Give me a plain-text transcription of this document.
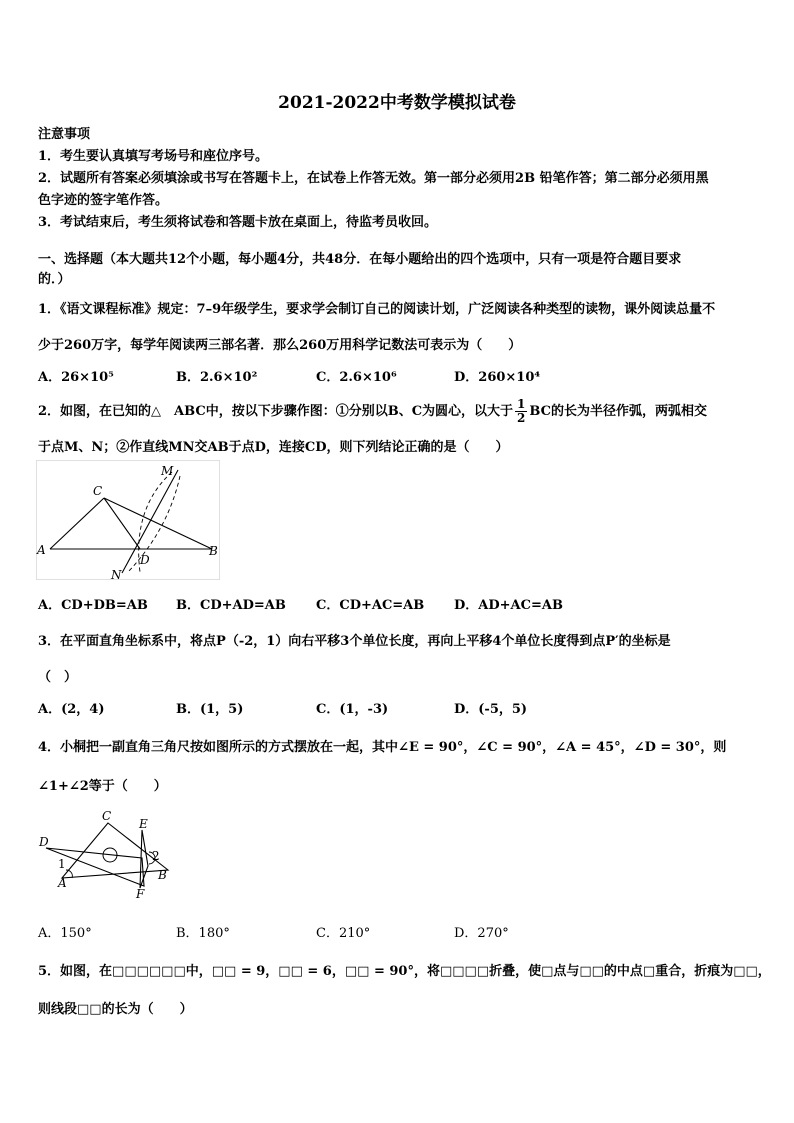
2021-2022中考数学模拟试卷
注意事项
1．考生要认真填写考场号和座位序号。
2．试题所有答案必须填涂或书写在答题卡上，在试卷上作答无效。第一部分必须用2B 铅笔作答；第二部分必须用黑
色字迹的签字笔作答。
3．考试结束后，考生须将试卷和答题卡放在桌面上，待监考员收回。
一、选择题（本大题共12个小题，每小题4分，共48分．在每小题给出的四个选项中，只有一项是符合题目要求
的．）
1．《语文课程标准》规定：7–9年级学生，要求学会制订自己的阅读计划，广泛阅读各种类型的读物，课外阅读总量不
少于260万字，每学年阅读两三部名著．那么260万用科学记数法可表示为（　　）
A．26×10⁵	B．2.6×10²	C．2.6×10⁶	D．260×10⁴
2．如图，在已知的△　ABC中，按以下步骤作图：①分别以B、C为圆心，以大于 $\frac{1}{2}$ BC的长为半径作弧，两弧相交
于点M、N；②作直线MN交AB于点D，连接CD，则下列结论正确的是（　　）
A	B
C
D
M
N
A．CD+DB=AB B．CD+AD=AB C．CD+AC=AB D．AD+AC=AB
3．在平面直角坐标系中，将点P（-2，1）向右平移3个单位长度，再向上平移4个单位长度得到点P′的坐标是
（　）
A．(2，4)	B．(1，5)	C．(1，-3)	D．(-5，5)
4．小桐把一副直角三角尺按如图所示的方式摆放在一起，其中∠E = 90°，∠C = 90°，∠A = 45°，∠D = 30°，则
∠1+∠2等于（　　）
D
C
E
A
B
F
1
2
A．150°	B．180°	C．210°	D．270°
5．如图，在□□□□□□中，□□ = 9，□□ = 6，□□ = 90°，将□□□□折叠，使□点与□□的中点□重合，折痕为□□，
则线段□□的长为（　　）
